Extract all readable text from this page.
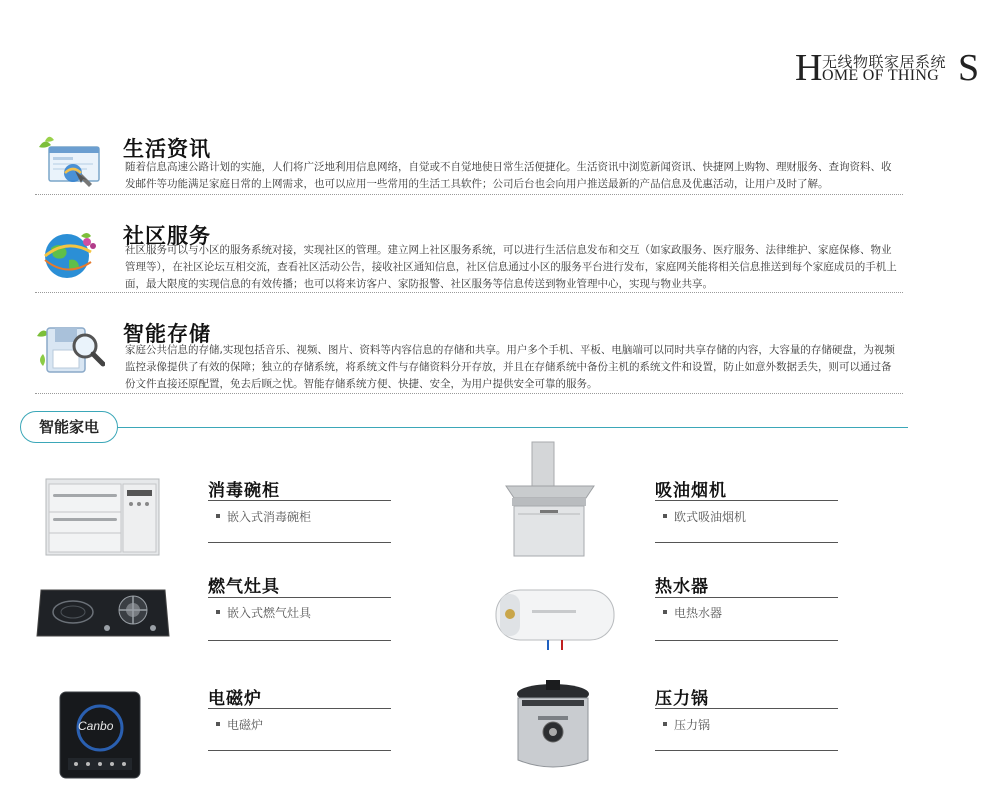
H 无线物联家居系统
OME OF THING S
生活资讯
随着信息高速公路计划的实施，人们将广泛地利用信息网络，自觉或不自觉地使日常生活便捷化。生活资讯中浏览新闻资讯、快捷网上购物、理财服务、查询资料、收发邮件等功能满足家庭日常的上网需求，也可以应用一些常用的生活工具软件；公司后台也会向用户推送最新的产品信息及优惠活动，让用户及时了解。
社区服务
社区服务可以与小区的服务系统对接，实现社区的管理。建立网上社区服务系统，可以进行生活信息发布和交互（如家政服务、医疗服务、法律维护、家庭保修、物业管理等），在社区论坛互相交流，查看社区活动公告，接收社区通知信息，社区信息通过小区的服务平台进行发布，家庭网关能将相关信息推送到每个家庭成员的手机上面，最大限度的实现信息的有效传播；也可以将来访客户、家防报警、社区服务等信息传送到物业管理中心，实现与物业共享。
智能存储
家庭公共信息的存储,实现包括音乐、视频、图片、资料等内容信息的存储和共享。用户多个手机、平板、电脑端可以同时共享存储的内容，大容量的存储硬盘，为视频监控录像提供了有效的保障；独立的存储系统，将系统文件与存储资料分开存放，并且在存储系统中备份主机的系统文件和设置，防止如意外数据丢失，则可以通过备份文件直接还原配置，免去后顾之忧。智能存储系统方便、快捷、安全，为用户提供安全可靠的服务。
智能家电
消毒碗柜
嵌入式消毒碗柜
吸油烟机
欧式吸油烟机
燃气灶具
嵌入式燃气灶具
热水器
电热水器
Canbo
电磁炉
电磁炉
压力锅
压力锅
